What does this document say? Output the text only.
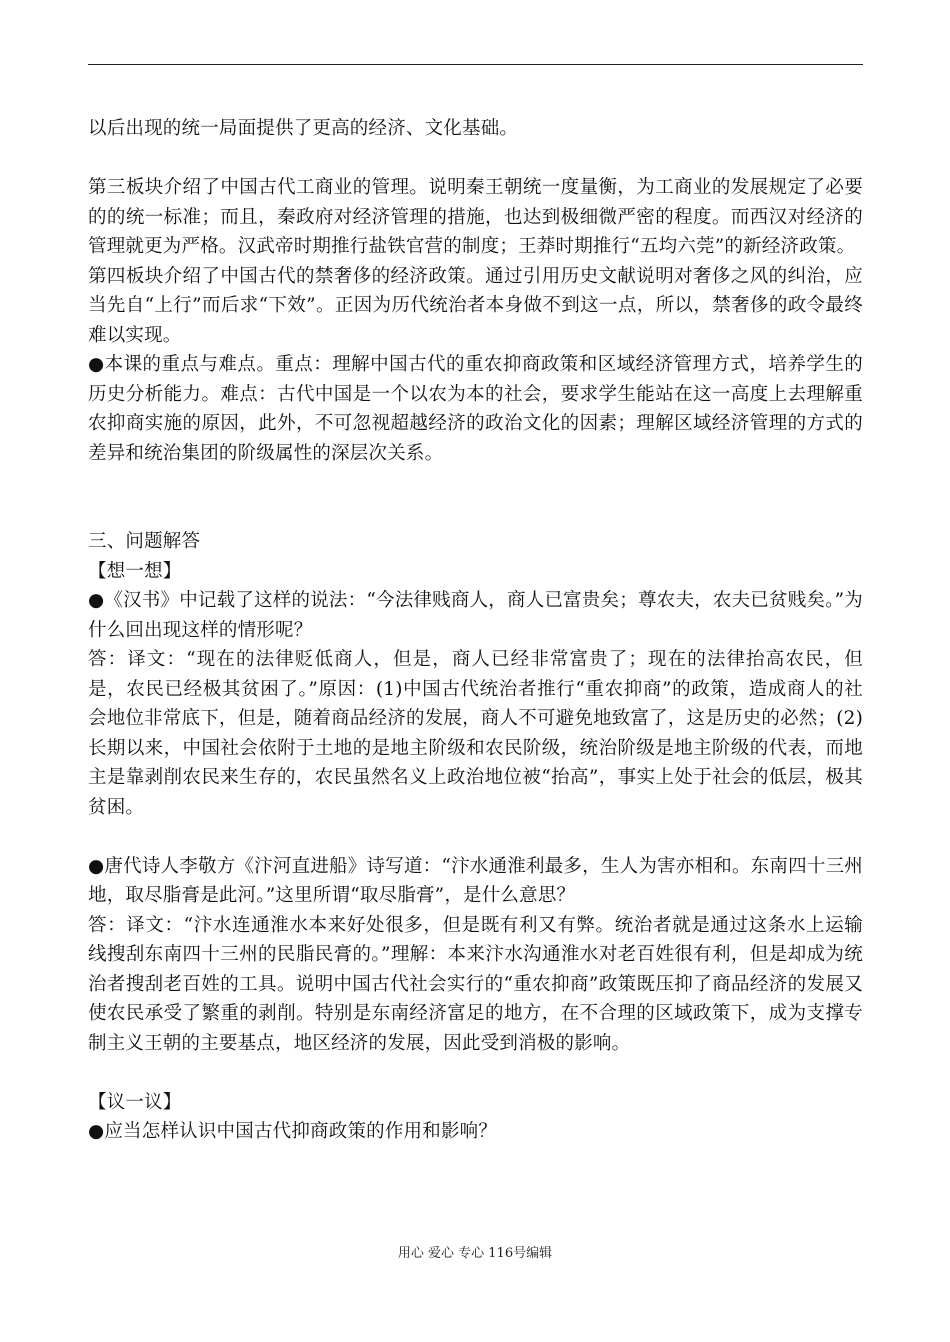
以后出现的统一局面提供了更高的经济、文化基础。

第三板块介绍了中国古代工商业的管理。说明秦王朝统一度量衡，为工商业的发展规定了必要的的统一标准；而且，秦政府对经济管理的措施，也达到极细微严密的程度。而西汉对经济的管理就更为严格。汉武帝时期推行盐铁官营的制度；王莽时期推行“五均六莞”的新经济政策。

第四板块介绍了中国古代的禁奢侈的经济政策。通过引用历史文献说明对奢侈之风的纠治，应当先自“上行”而后求“下效”。正因为历代统治者本身做不到这一点，所以，禁奢侈的政令最终难以实现。

●本课的重点与难点。重点：理解中国古代的重农抑商政策和区域经济管理方式，培养学生的历史分析能力。难点：古代中国是一个以农为本的社会，要求学生能站在这一高度上去理解重农抑商实施的原因，此外，不可忽视超越经济的政治文化的因素；理解区域经济管理的方式的差异和统治集团的阶级属性的深层次关系。

三、问题解答

【想一想】

●《汉书》中记载了这样的说法：“今法律贱商人，商人已富贵矣；尊农夫，农夫已贫贱矣。”为什么回出现这样的情形呢？

答：译文：“现在的法律贬低商人，但是，商人已经非常富贵了；现在的法律抬高农民，但是，农民已经极其贫困了。”原因：(1)中国古代统治者推行“重农抑商”的政策，造成商人的社会地位非常底下，但是，随着商品经济的发展，商人不可避免地致富了，这是历史的必然；(2)长期以来，中国社会依附于土地的是地主阶级和农民阶级，统治阶级是地主阶级的代表，而地主是靠剥削农民来生存的，农民虽然名义上政治地位被“抬高”，事实上处于社会的低层，极其贫困。

●唐代诗人李敬方《汴河直进船》诗写道：“汴水通淮利最多，生人为害亦相和。东南四十三州地，取尽脂膏是此河。”这里所谓“取尽脂膏”，是什么意思？

答：译文：“汴水连通淮水本来好处很多，但是既有利又有弊。统治者就是通过这条水上运输线搜刮东南四十三州的民脂民膏的。”理解：本来汴水沟通淮水对老百姓很有利，但是却成为统治者搜刮老百姓的工具。说明中国古代社会实行的“重农抑商”政策既压抑了商品经济的发展又使农民承受了繁重的剥削。特别是东南经济富足的地方，在不合理的区域政策下，成为支撑专制主义王朝的主要基点，地区经济的发展，因此受到消极的影响。

【议一议】

●应当怎样认识中国古代抑商政策的作用和影响？

用心 爱心 专心 116号编辑
